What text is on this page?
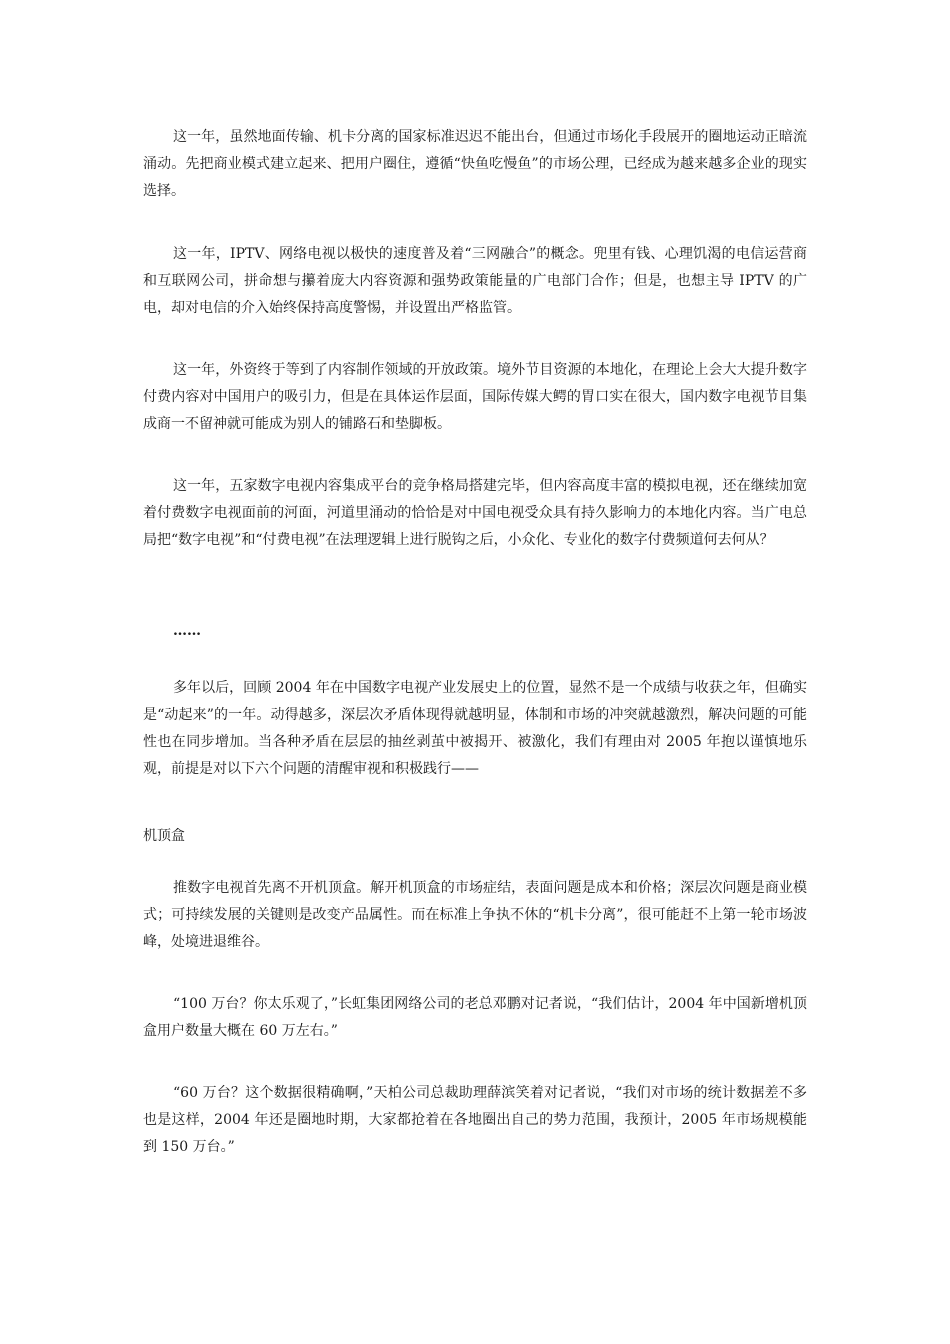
这一年，虽然地面传输、机卡分离的国家标准迟迟不能出台，但通过市场化手段展开的圈地运动正暗流涌动。先把商业模式建立起来、把用户圈住，遵循“快鱼吃慢鱼”的市场公理，已经成为越来越多企业的现实选择。

这一年，IPTV、网络电视以极快的速度普及着“三网融合”的概念。兜里有钱、心理饥渴的电信运营商和互联网公司，拼命想与攥着庞大内容资源和强势政策能量的广电部门合作；但是，也想主导 IPTV 的广电，却对电信的介入始终保持高度警惕，并设置出严格监管。

这一年，外资终于等到了内容制作领域的开放政策。境外节目资源的本地化，在理论上会大大提升数字付费内容对中国用户的吸引力，但是在具体运作层面，国际传媒大鳄的胃口实在很大，国内数字电视节目集成商一不留神就可能成为别人的铺路石和垫脚板。

这一年，五家数字电视内容集成平台的竞争格局搭建完毕，但内容高度丰富的模拟电视，还在继续加宽着付费数字电视面前的河面，河道里涌动的恰恰是对中国电视受众具有持久影响力的本地化内容。当广电总局把“数字电视”和“付费电视”在法理逻辑上进行脱钩之后，小众化、专业化的数字付费频道何去何从？

……

多年以后，回顾 2004 年在中国数字电视产业发展史上的位置，显然不是一个成绩与收获之年，但确实是“动起来”的一年。动得越多，深层次矛盾体现得就越明显，体制和市场的冲突就越激烈，解决问题的可能性也在同步增加。当各种矛盾在层层的抽丝剥茧中被揭开、被激化，我们有理由对 2005 年抱以谨慎地乐观，前提是对以下六个问题的清醒审视和积极践行——

机顶盒

推数字电视首先离不开机顶盒。解开机顶盒的市场症结，表面问题是成本和价格；深层次问题是商业模式；可持续发展的关键则是改变产品属性。而在标准上争执不休的“机卡分离”，很可能赶不上第一轮市场波峰，处境进退维谷。

“100 万台？你太乐观了，”长虹集团网络公司的老总邓鹏对记者说，“我们估计，2004 年中国新增机顶盒用户数量大概在 60 万左右。”

“60 万台？这个数据很精确啊，”天柏公司总裁助理薛滨笑着对记者说，“我们对市场的统计数据差不多也是这样，2004 年还是圈地时期，大家都抢着在各地圈出自己的势力范围，我预计，2005 年市场规模能到 150 万台。”
